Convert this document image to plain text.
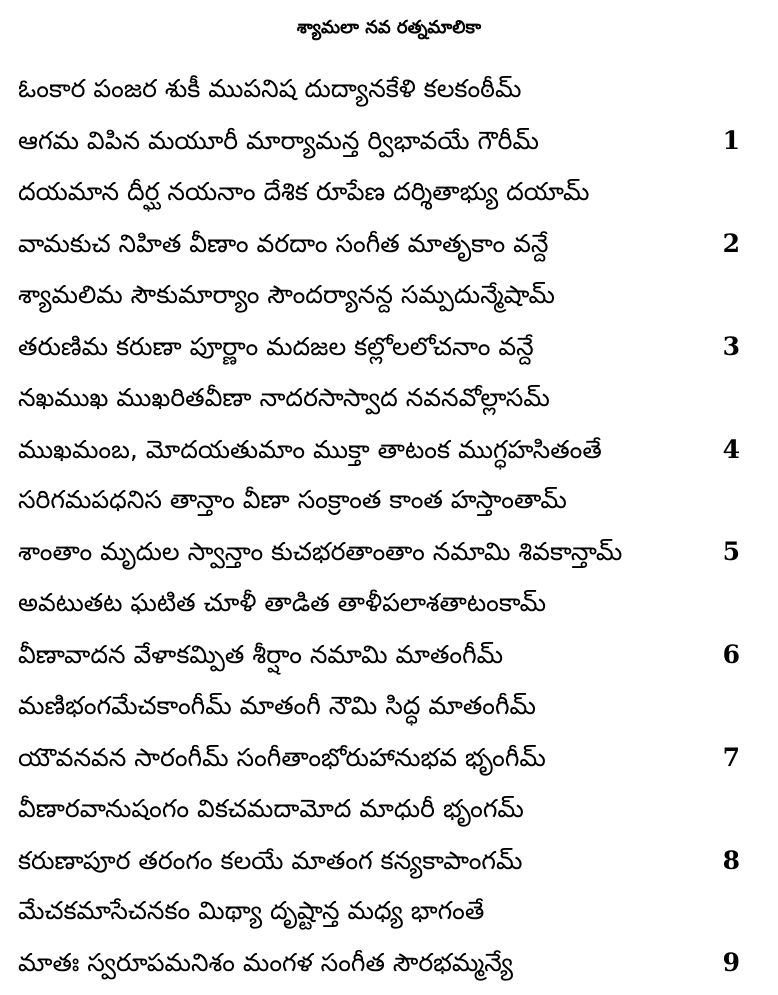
శ్యామలా నవ రత్నమాలికా
ఓంకార పంజర శుకీ ముపనిష దుద్యానకేళి కలకంఠీమ్
ఆగమ విపిన మయూరీ మార్యామన్త ర్విభావయే గౌరీమ్	1
దయమాన దీర్ఘ నయనాం దేశిక రూపేణ దర్శితాభ్యు దయామ్
వామకుచ నిహిత వీణాం వరదాం సంగీత మాతృకాం వన్దే	2
శ్యామలిమ సౌకుమార్యాం సౌందర్యానన్ద సమ్పదున్మేషామ్
తరుణిమ కరుణా పూర్ణాం మదజల కల్లోలలోచనాం వన్దే	3
నఖముఖ ముఖరితవీణా నాదరసాస్వాద నవనవోల్లాసమ్
ముఖమంబ, మోదయతుమాం ముక్తా తాటంక ముగ్ధహసితంతే	4
సరిగమపధనిస తాన్తాం వీణా సంక్రాంత కాంత హస్తాంతామ్
శాంతాం మృదుల స్వాన్తాం కుచభరతాంతాం నమామి శివకాన్తామ్	5
అవటుతట ఘటిత చూళీ తాడిత తాళీపలాశతాటంకామ్
వీణావాదన వేళాకమ్పిత శీర్షాం నమామి మాతంగీమ్	6
మణిభంగమేచకాంగీమ్ మాతంగీ నౌమి సిద్ధ మాతంగీమ్
యౌవనవన సారంగీమ్ సంగీతాంభోరుహానుభవ భృంగీమ్	7
వీణారవానుషంగం వికచమదామోద మాధురీ భృంగమ్
కరుణాపూర తరంగం కలయే మాతంగ కన్యకాపాంగమ్	8
మేచకమాసేచనకం మిథ్యా దృష్టాన్త మధ్య భాగంతే
మాతః స్వరూపమనిశం మంగళ సంగీత సౌరభమ్మన్యే	9
